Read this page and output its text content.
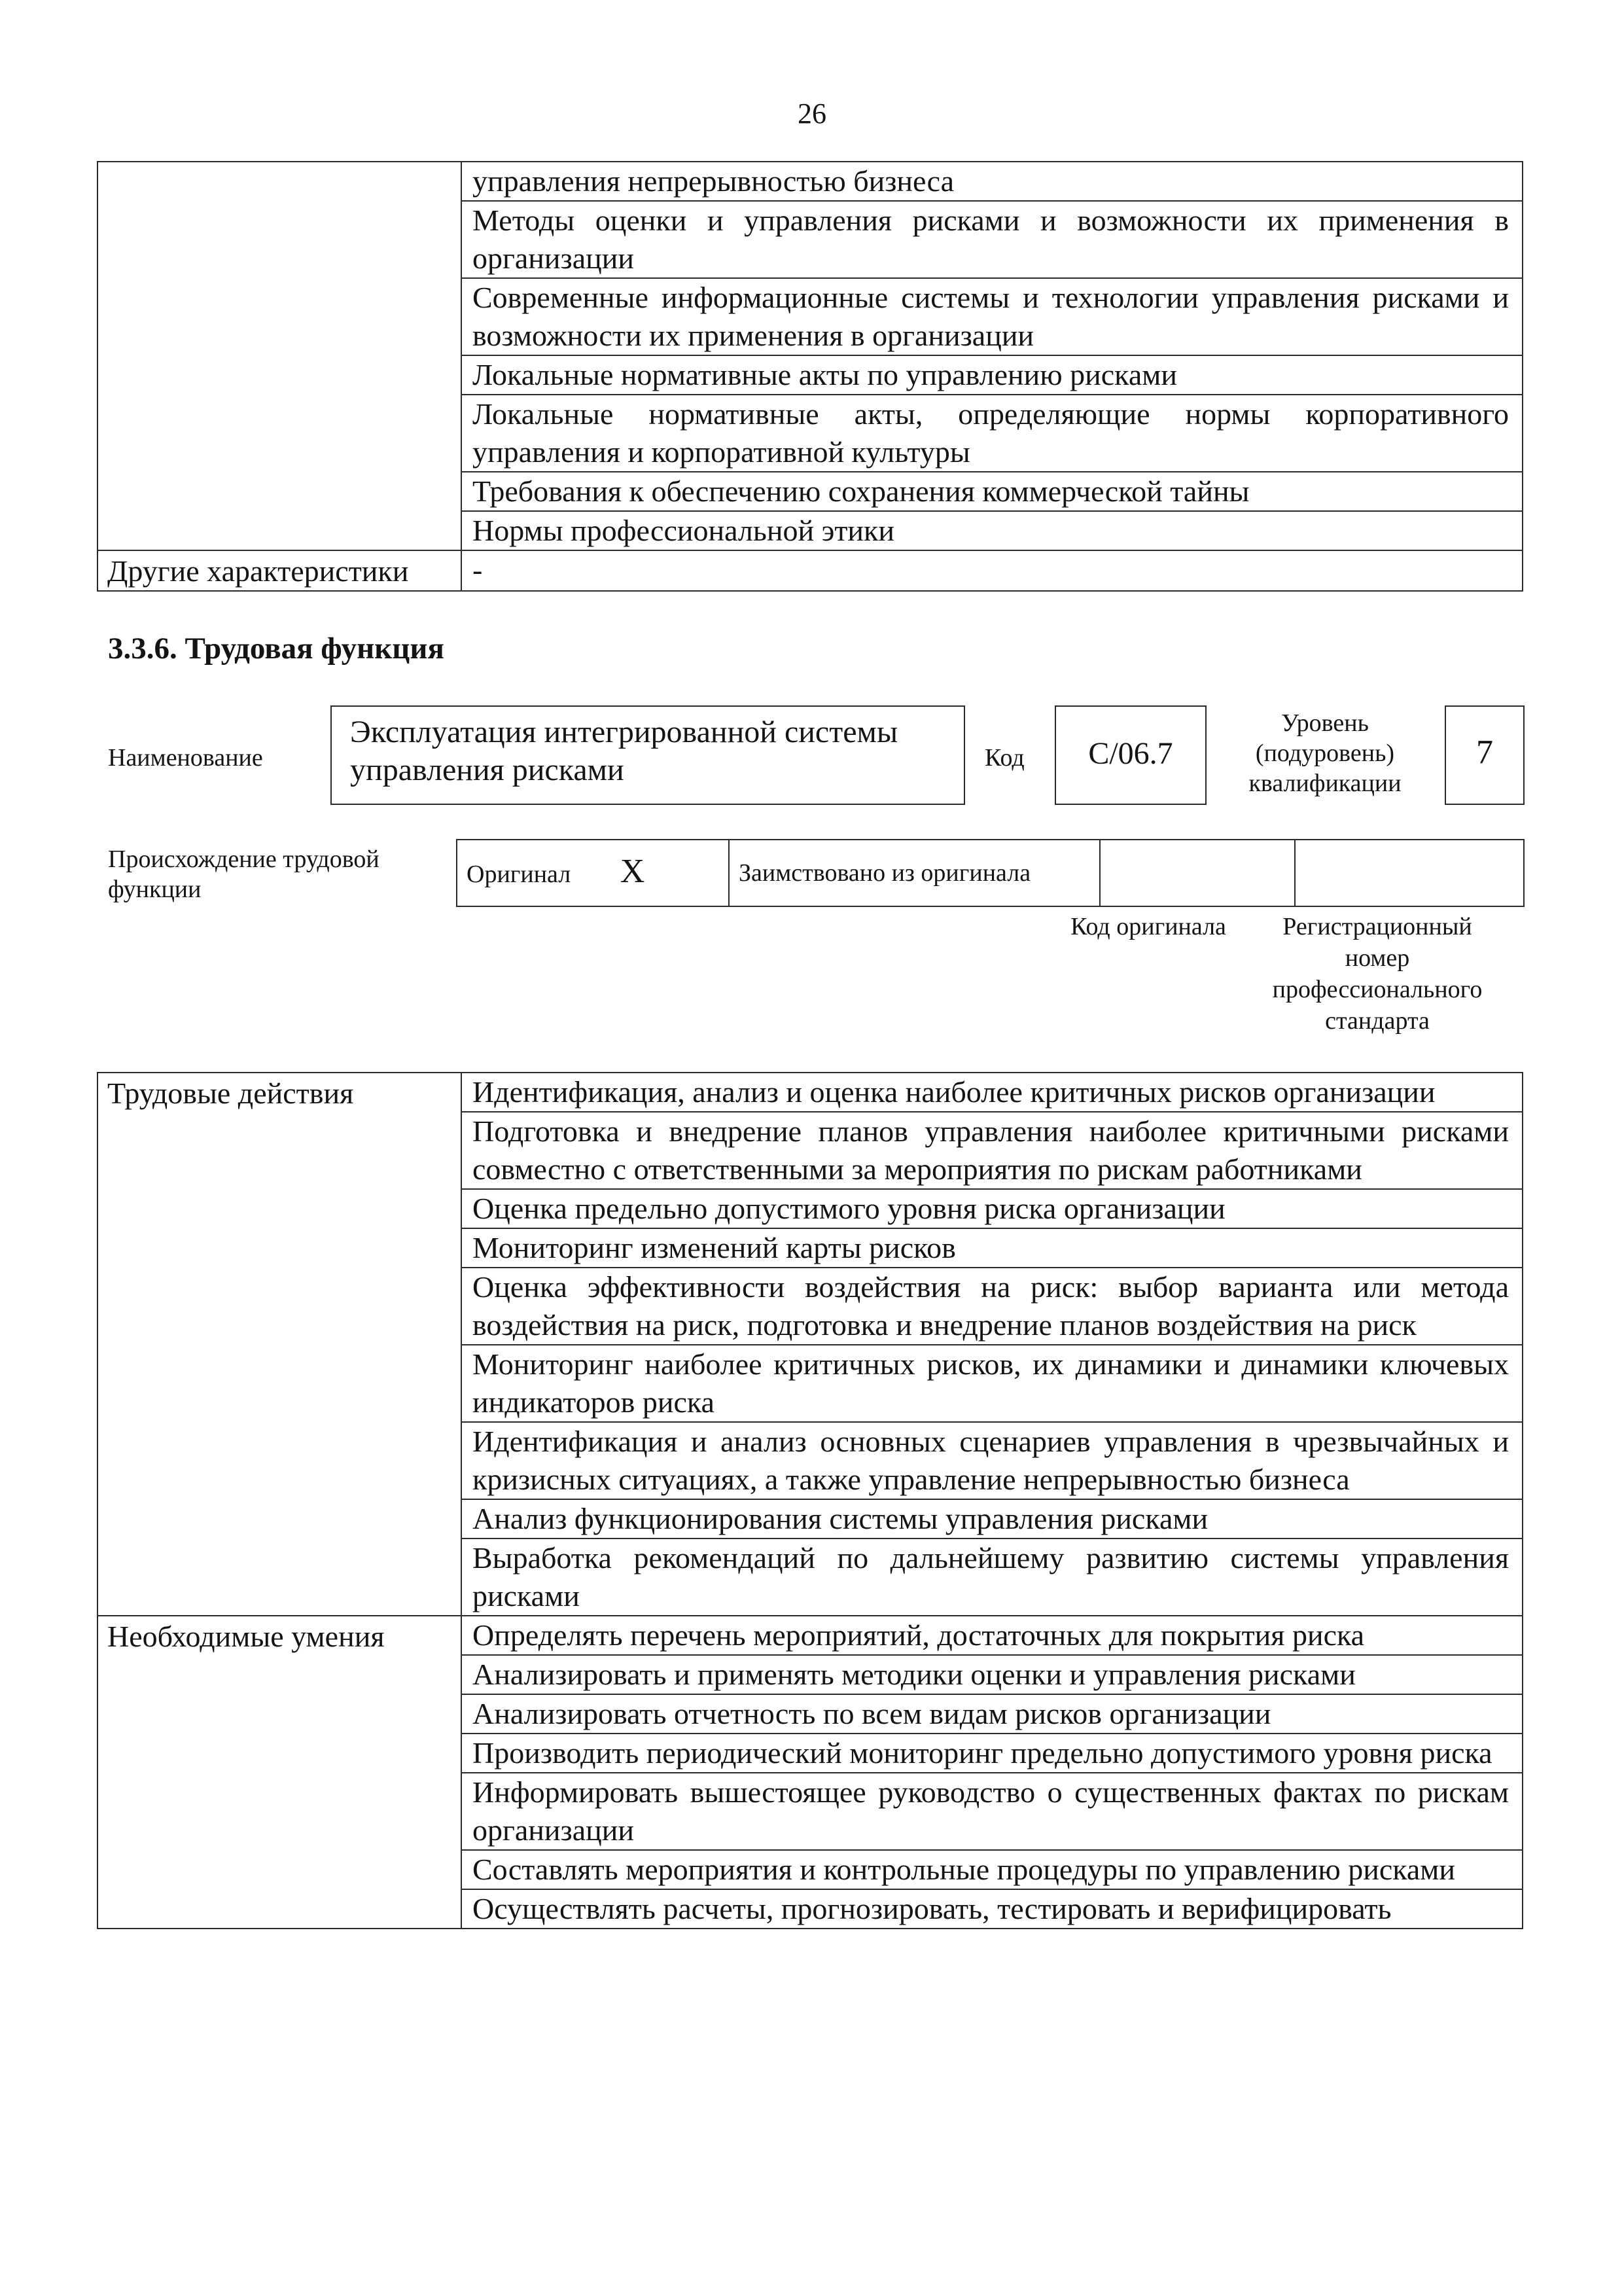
26
	управления непрерывностью бизнеса
	Методы оценки и управления рисками и возможности их применения в организации
	Современные информационные системы и технологии управления рисками и возможности их применения в организации
	Локальные нормативные акты по управлению рисками
	Локальные нормативные акты, определяющие нормы корпоративного управления и корпоративной культуры
	Требования к обеспечению сохранения коммерческой тайны
	Нормы профессиональной этики
Другие характеристики	-
3.3.6. Трудовая функция
Наименование
Эксплуатация интегрированной системы управления рисками	Код	C/06.7
Уровень (подуровень) квалификации
7
Происхождение трудовой функции
Оригинал X	Заимствовано из оригинала		
Код оригинала	Регистрационный номер профессионального стандарта
Трудовые действия	Идентификация, анализ и оценка наиболее критичных рисков организации
	Подготовка и внедрение планов управления наиболее критичными рисками совместно с ответственными за мероприятия по рискам работниками
	Оценка предельно допустимого уровня риска организации
	Мониторинг изменений карты рисков
	Оценка эффективности воздействия на риск: выбор варианта или метода воздействия на риск, подготовка и внедрение планов воздействия на риск
	Мониторинг наиболее критичных рисков, их динамики и динамики ключевых индикаторов риска
	Идентификация и анализ основных сценариев управления в чрезвычайных и кризисных ситуациях, а также управление непрерывностью бизнеса
	Анализ функционирования системы управления рисками
	Выработка рекомендаций по дальнейшему развитию системы управления рисками
Необходимые умения	Определять перечень мероприятий, достаточных для покрытия риска
	Анализировать и применять методики оценки и управления рисками
	Анализировать отчетность по всем видам рисков организации
	Производить периодический мониторинг предельно допустимого уровня риска
	Информировать вышестоящее руководство о существенных фактах по рискам организации
	Составлять мероприятия и контрольные процедуры по управлению рисками
	Осуществлять расчеты, прогнозировать, тестировать и верифицировать
